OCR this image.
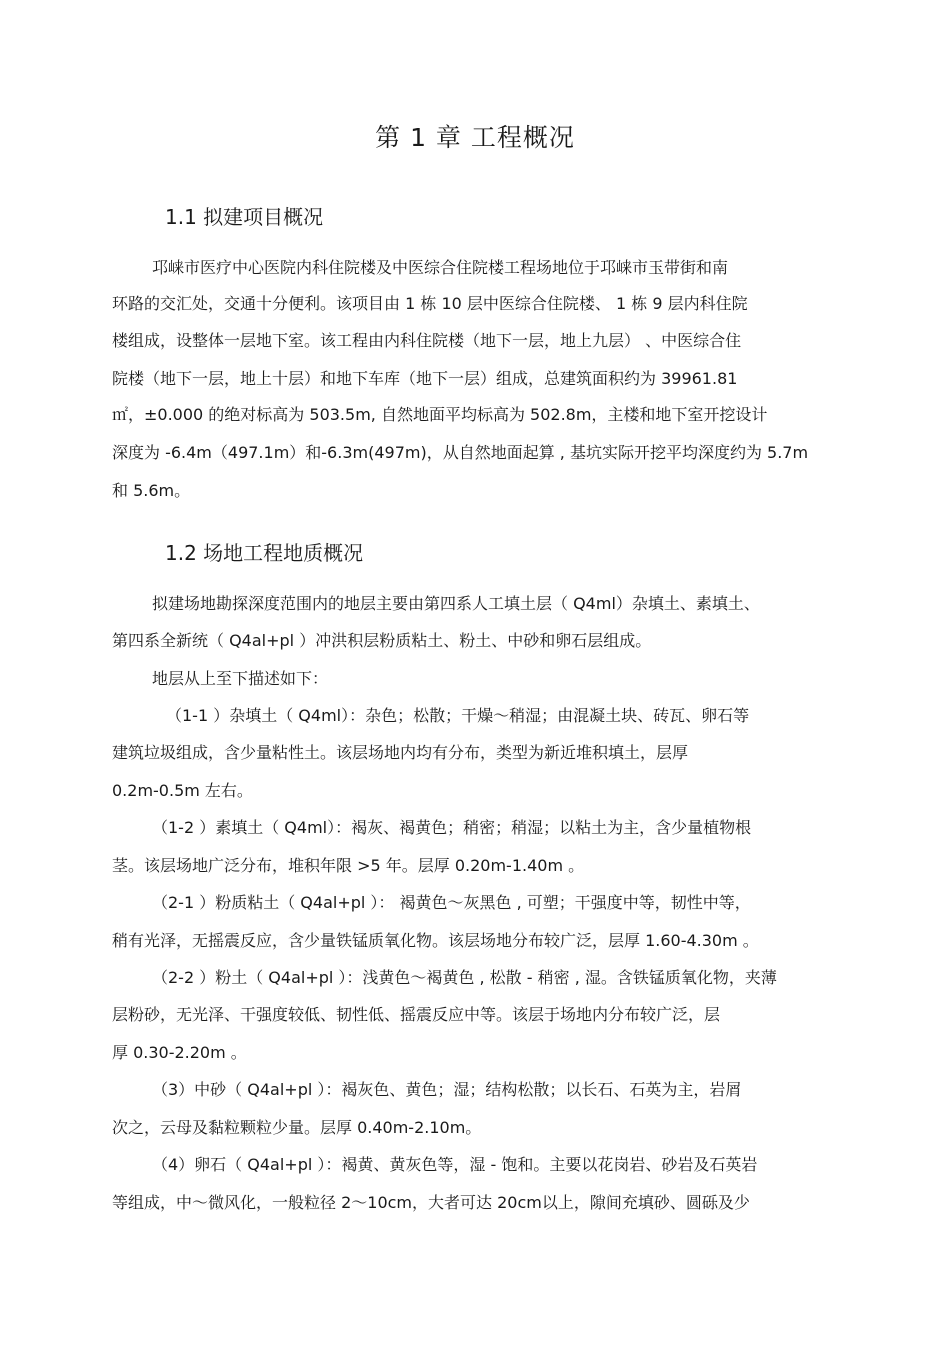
第 1 章 工程概况
1.1 拟建项目概况
邛崃市医疗中心医院内科住院楼及中医综合住院楼工程场地位于邛崃市玉带街和南
环路的交汇处，交通十分便利。该项目由 1 栋 10 层中医综合住院楼、 1 栋 9 层内科住院
楼组成，设整体一层地下室。该工程由内科住院楼（地下一层，地上九层） 、中医综合住
院楼（地下一层，地上十层）和地下车库（地下一层）组成，总建筑面积约为 39961.81
㎡，±0.000 的绝对标高为 503.5m, 自然地面平均标高为 502.8m，主楼和地下室开挖设计
深度为 -6.4m（497.1m）和-6.3m(497m)，从自然地面起算 , 基坑实际开挖平均深度约为 5.7m
和 5.6m。
1.2 场地工程地质概况
拟建场地勘探深度范围内的地层主要由第四系人工填土层（ Q4ml）杂填土、素填土、
第四系全新统（ Q4al+pl ）冲洪积层粉质粘土、粉土、中砂和卵石层组成。
地层从上至下描述如下：
（1-1 ）杂填土（ Q4ml）：杂色；松散；干燥～稍湿；由混凝土块、砖瓦、卵石等
建筑垃圾组成，含少量粘性土。该层场地内均有分布，类型为新近堆积填土，层厚
0.2m-0.5m 左右。
（1-2 ）素填土（ Q4ml）：褐灰、褐黄色；稍密；稍湿；以粘土为主，含少量植物根
茎。该层场地广泛分布，堆积年限 >5 年。层厚 0.20m-1.40m 。
（2-1 ）粉质粘土（ Q4al+pl ）： 褐黄色～灰黑色 , 可塑；干强度中等，韧性中等，
稍有光泽，无摇震反应，含少量铁锰质氧化物。该层场地分布较广泛，层厚 1.60-4.30m 。
（2-2 ）粉土（ Q4al+pl ）：浅黄色～褐黄色 , 松散 - 稍密 , 湿。含铁锰质氧化物，夹薄
层粉砂，无光泽、干强度较低、韧性低、摇震反应中等。该层于场地内分布较广泛，层
厚 0.30-2.20m 。
（3）中砂（ Q4al+pl ）：褐灰色、黄色；湿；结构松散；以长石、石英为主，岩屑
次之，云母及黏粒颗粒少量。层厚 0.40m-2.10m。
（4）卵石（ Q4al+pl ）：褐黄、黄灰色等，湿 - 饱和。主要以花岗岩、砂岩及石英岩
等组成，中～微风化，一般粒径 2～10cm，大者可达 20cm以上，隙间充填砂、圆砾及少
